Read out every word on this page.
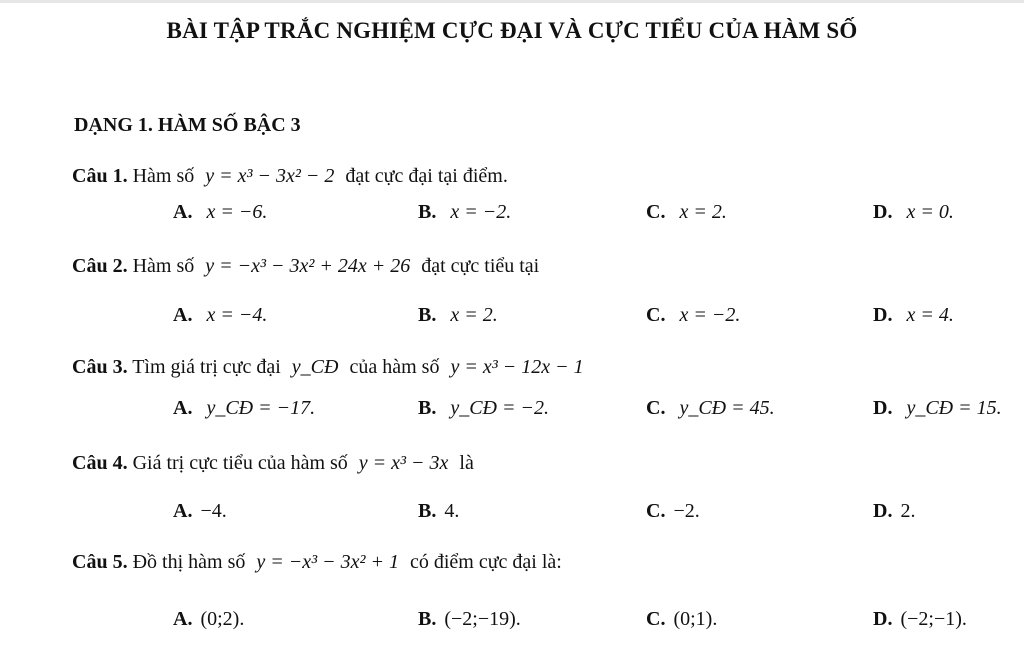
BÀI TẬP TRẮC NGHIỆM CỰC ĐẠI VÀ CỰC TIỂU CỦA HÀM SỐ
DẠNG 1. HÀM SỐ BẬC 3
Câu 1. Hàm số y = x³ − 3x² − 2 đạt cực đại tại điểm.
A. x = −6.	B. x = −2.	C. x = 2.	D. x = 0.
Câu 2. Hàm số y = −x³ − 3x² + 24x + 26 đạt cực tiểu tại
A. x = −4.	B. x = 2.	C. x = −2.	D. x = 4.
Câu 3. Tìm giá trị cực đại y_CĐ của hàm số y = x³ − 12x − 1
A. y_CĐ = −17.	B. y_CĐ = −2.	C. y_CĐ = 45.	D. y_CĐ = 15.
Câu 4. Giá trị cực tiểu của hàm số y = x³ − 3x là
A. −4.	B. 4.	C. −2.	D. 2.
Câu 5. Đồ thị hàm số y = −x³ − 3x² + 1 có điểm cực đại là:
A. (0;2).	B. (−2;−19).	C. (0;1).	D. (−2;−1).
